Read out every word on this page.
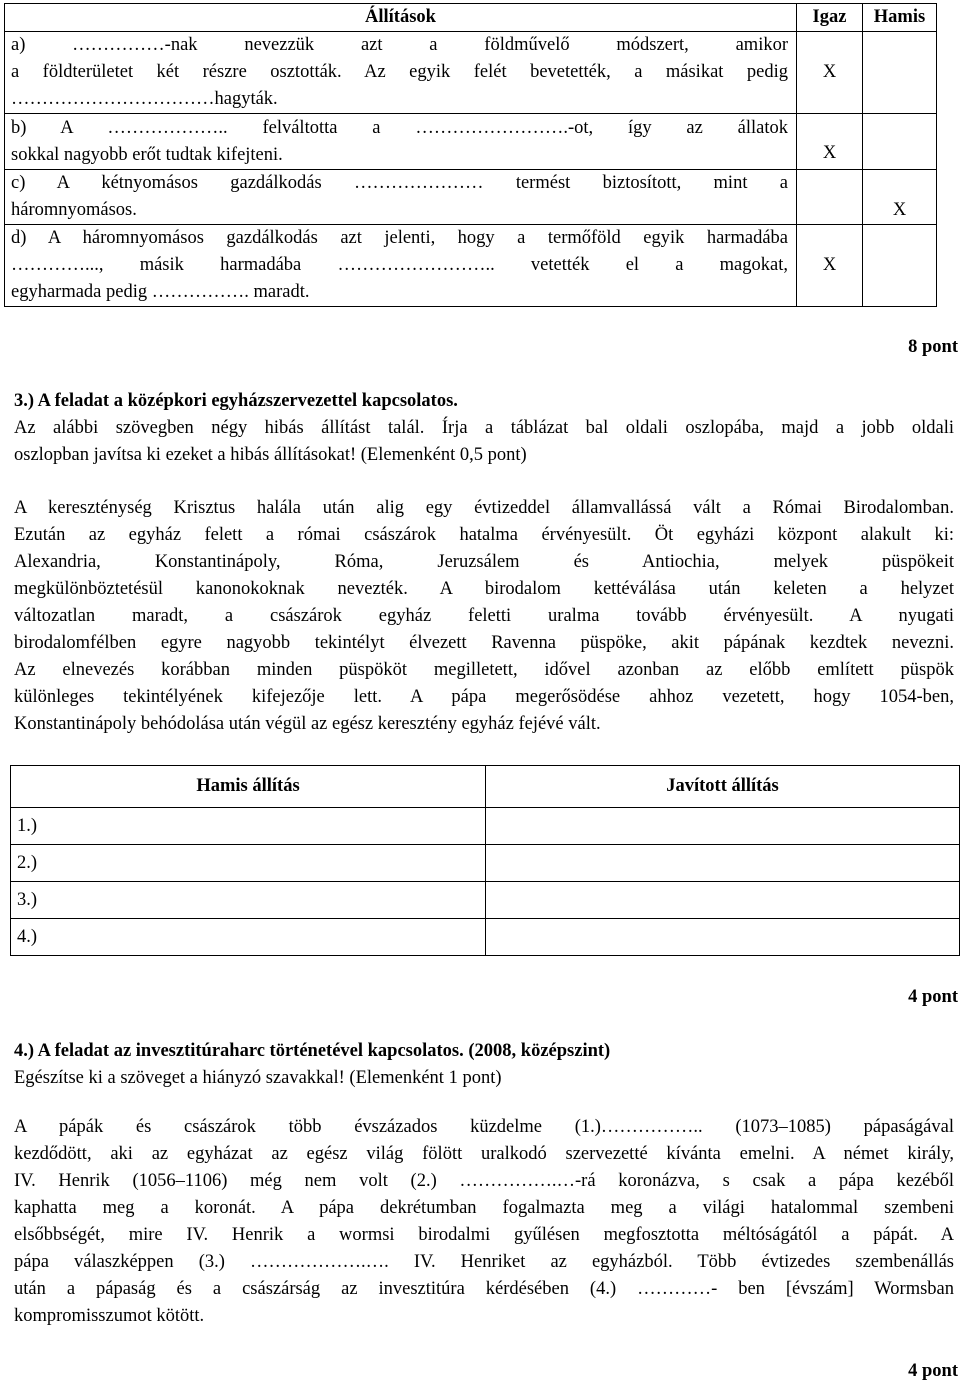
Állítások	Igaz	Hamis

a) ……………-nak nevezzük azt a földművelő módszert, amikor
a földterületet két részre osztották. Az egyik felét bevetették, a másikat pedig
……………………………hagyták.	X	

b) A ……………….. felváltotta a …………………….-ot, így az állatok
sokkal nagyobb erőt tudtak kifejteni.	X	

c) A kétnyomásos gazdálkodás ………………… termést biztosított, mint a
háromnyomásos.		X

d) A háromnyomásos gazdálkodás azt jelenti, hogy a termőföld egyik harmadába
…………..., másik harmadába …………………….. vetették el a magokat,
egyharmada pedig ……………. maradt.	X	
8 pont
3.) A feladat a középkori egyházszervezettel kapcsolatos.
Az alábbi szövegben négy hibás állítást talál. Írja a táblázat bal oldali oszlopába, majd a jobb oldali
oszlopban javítsa ki ezeket a hibás állításokat! (Elemenként 0,5 pont)
A kereszténység Krisztus halála után alig egy évtizeddel államvallássá vált a Római Birodalomban.
Ezután az egyház felett a római császárok hatalma érvényesült. Öt egyházi központ alakult ki:
Alexandria, Konstantinápoly, Róma, Jeruzsálem és Antiochia, melyek püspökeit
megkülönböztetésül kanonokoknak nevezték. A birodalom kettéválása után keleten a helyzet
változatlan maradt, a császárok egyház feletti uralma tovább érvényesült. A nyugati
birodalomfélben egyre nagyobb tekintélyt élvezett Ravenna püspöke, akit pápának kezdtek nevezni.
Az elnevezés korábban minden püspököt megilletett, idővel azonban az előbb említett püspök
különleges tekintélyének kifejezője lett. A pápa megerősödése ahhoz vezetett, hogy 1054-ben,
Konstantinápoly behódolása után végül az egész keresztény egyház fejévé vált.
Hamis állítás	Javított állítás
1.)	
2.)	
3.)	
4.)	
4 pont
4.) A feladat az invesztitúraharc történetével kapcsolatos. (2008, középszint)
Egészítse ki a szöveget a hiányzó szavakkal! (Elemenként 1 pont)
A pápák és császárok több évszázados küzdelme (1.)…………….. (1073–1085) pápaságával
kezdődött, aki az egyházat az egész világ fölött uralkodó szervezetté kívánta emelni. A német király,
IV. Henrik (1056–1106) még nem volt (2.) …………….…-rá koronázva, s csak a pápa kezéből
kaphatta meg a koronát. A pápa dekrétumban fogalmazta meg a világi hatalommal szembeni
elsőbbségét, mire IV. Henrik a wormsi birodalmi gyűlésen megfosztotta méltóságától a pápát. A
pápa válaszképpen (3.) ……………….…. IV. Henriket az egyházból. Több évtizedes szembenállás
után a pápaság és a császárság az invesztitúra kérdésében (4.) …………- ben [évszám] Wormsban
kompromisszumot kötött.
4 pont
